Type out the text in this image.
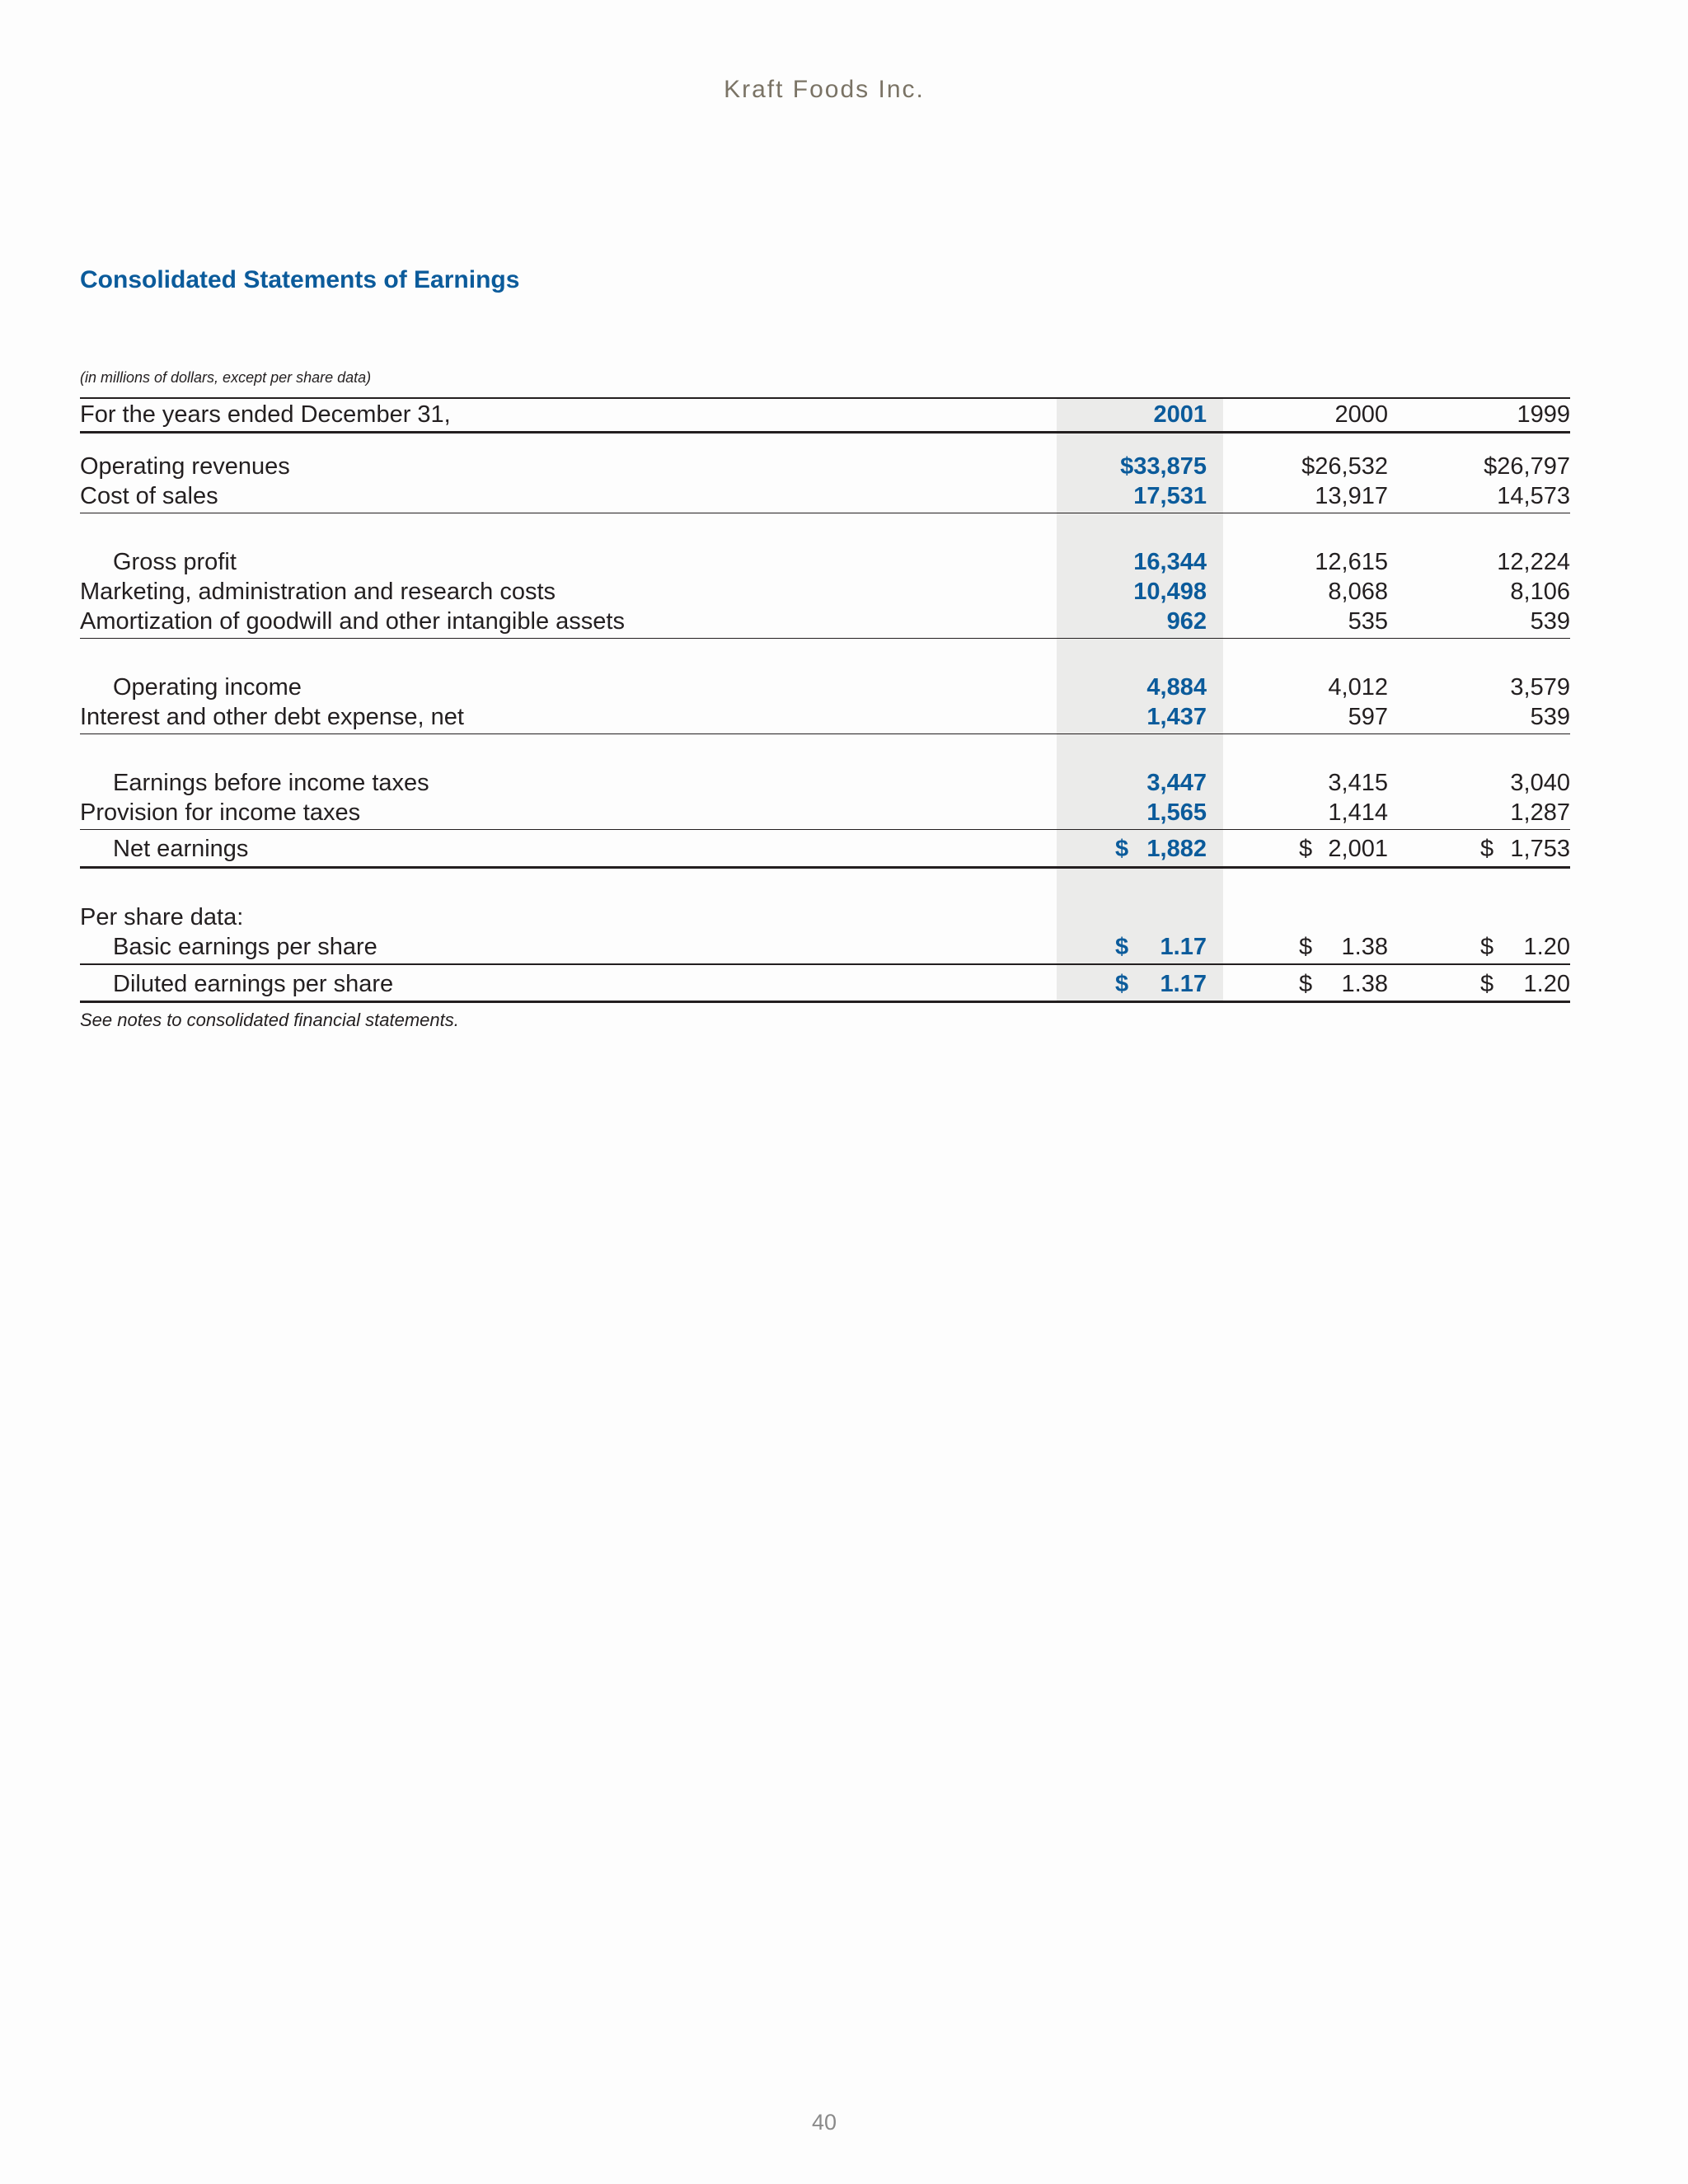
Kraft Foods Inc.
Consolidated Statements of Earnings
(in millions of dollars, except per share data)
For the years ended December 31,	2001	2000	1999
Operating revenues	$33,875	$26,532	$26,797
Cost of sales	17,531	13,917	14,573
Gross profit	16,344	12,615	12,224
Marketing, administration and research costs	10,498	8,068	8,106
Amortization of goodwill and other intangible assets	962	535	539
Operating income	4,884	4,012	3,579
Interest and other debt expense, net	1,437	597	539
Earnings before income taxes	3,447	3,415	3,040
Provision for income taxes	1,565	1,414	1,287
Net earnings	$ 1,882	$ 2,001	$ 1,753
Per share data:
Basic earnings per share	$ 1.17	$ 1.38	$ 1.20
Diluted earnings per share	$ 1.17	$ 1.38	$ 1.20
See notes to consolidated financial statements.
40
